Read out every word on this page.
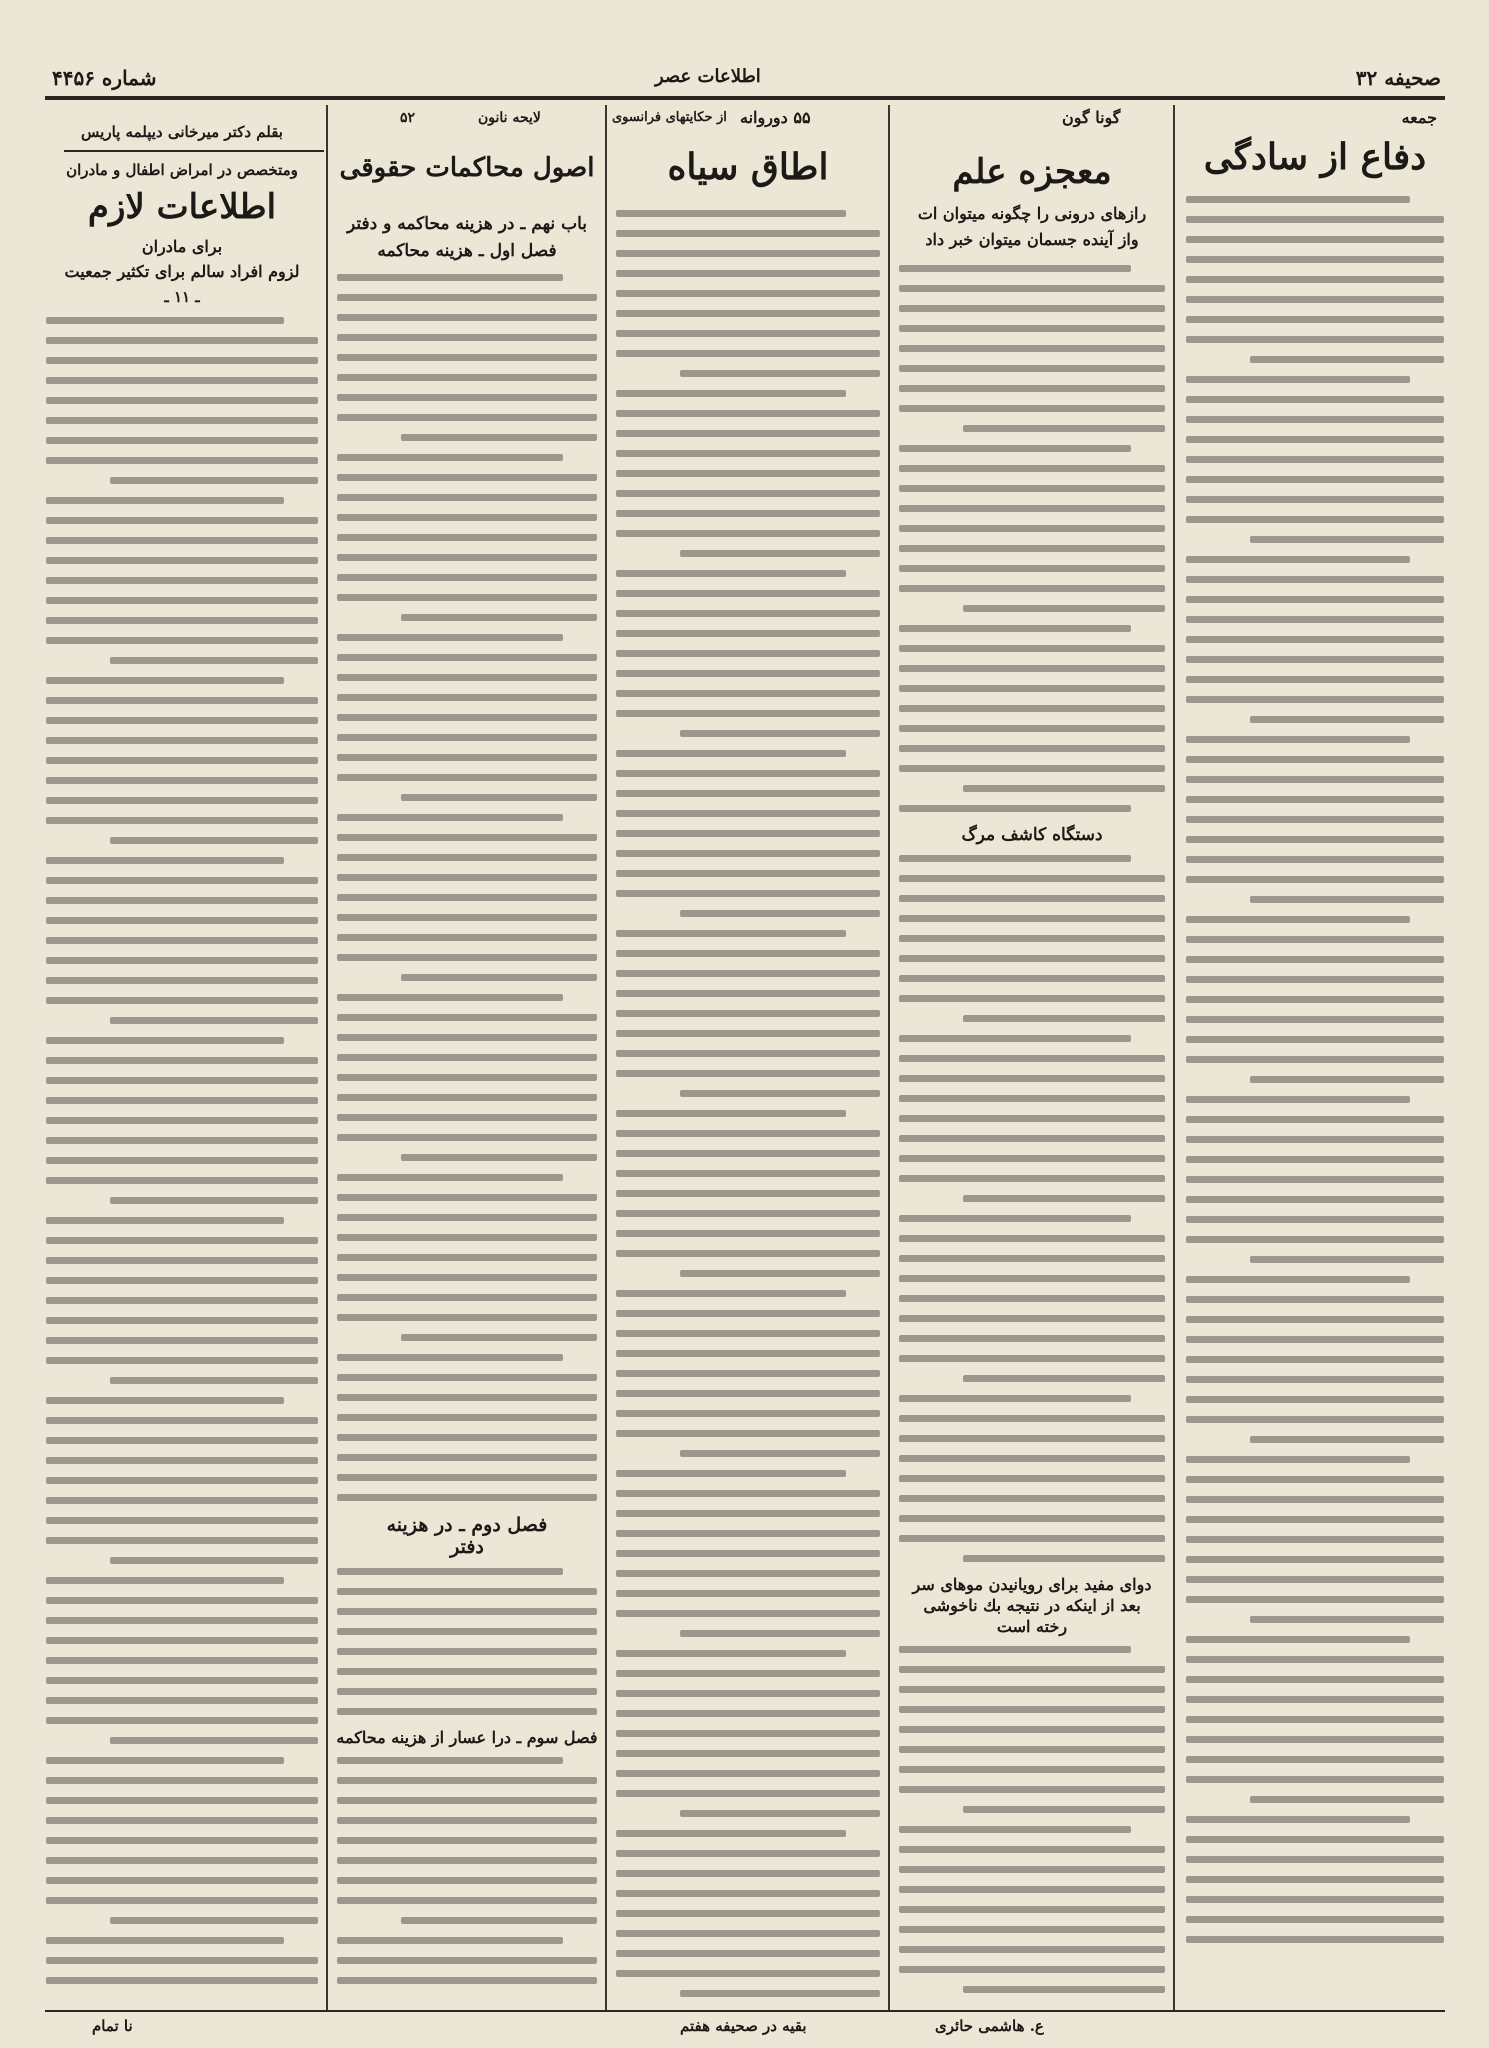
شماره ۴۴۵۶	اطلاعات عصر	صحیفه ۳۲
جمعه
گونا گون
۵۵ دوروانه
از حکایتهای فرانسوی
لایحه نانون
۵۲
دفاع از سادگی
معجزه علم
رازهای درونی را چگونه میتوان ات
واز آینده جسمان میتوان خبر داد
دستگاه کاشف مرگ
دوای مفید برای رویانیدن موهای سر
بعد از اینکه در نتیجه بك ناخوشی
رخته است
اطاق سیاه
اصول محاکمات حقوقی
باب نهم ـ در هزینه محاکمه و دفتر
فصل اول ـ هزینه محاکمه
فصل دوم ـ در هزینه
دفتر
فصل سوم ـ درا عسار از هزینه محاکمه
بقلم دکتر میرخانی دیپلمه پاریس
ومتخصص در امراض اطفال و مادران
اطلاعات لازم
برای مادران
لزوم افراد سالم برای تکثیر جمعیت
ـ ۱۱ ـ
ع. هاشمی حائری
بقیه در صحیفه هفتم
نا تمام
